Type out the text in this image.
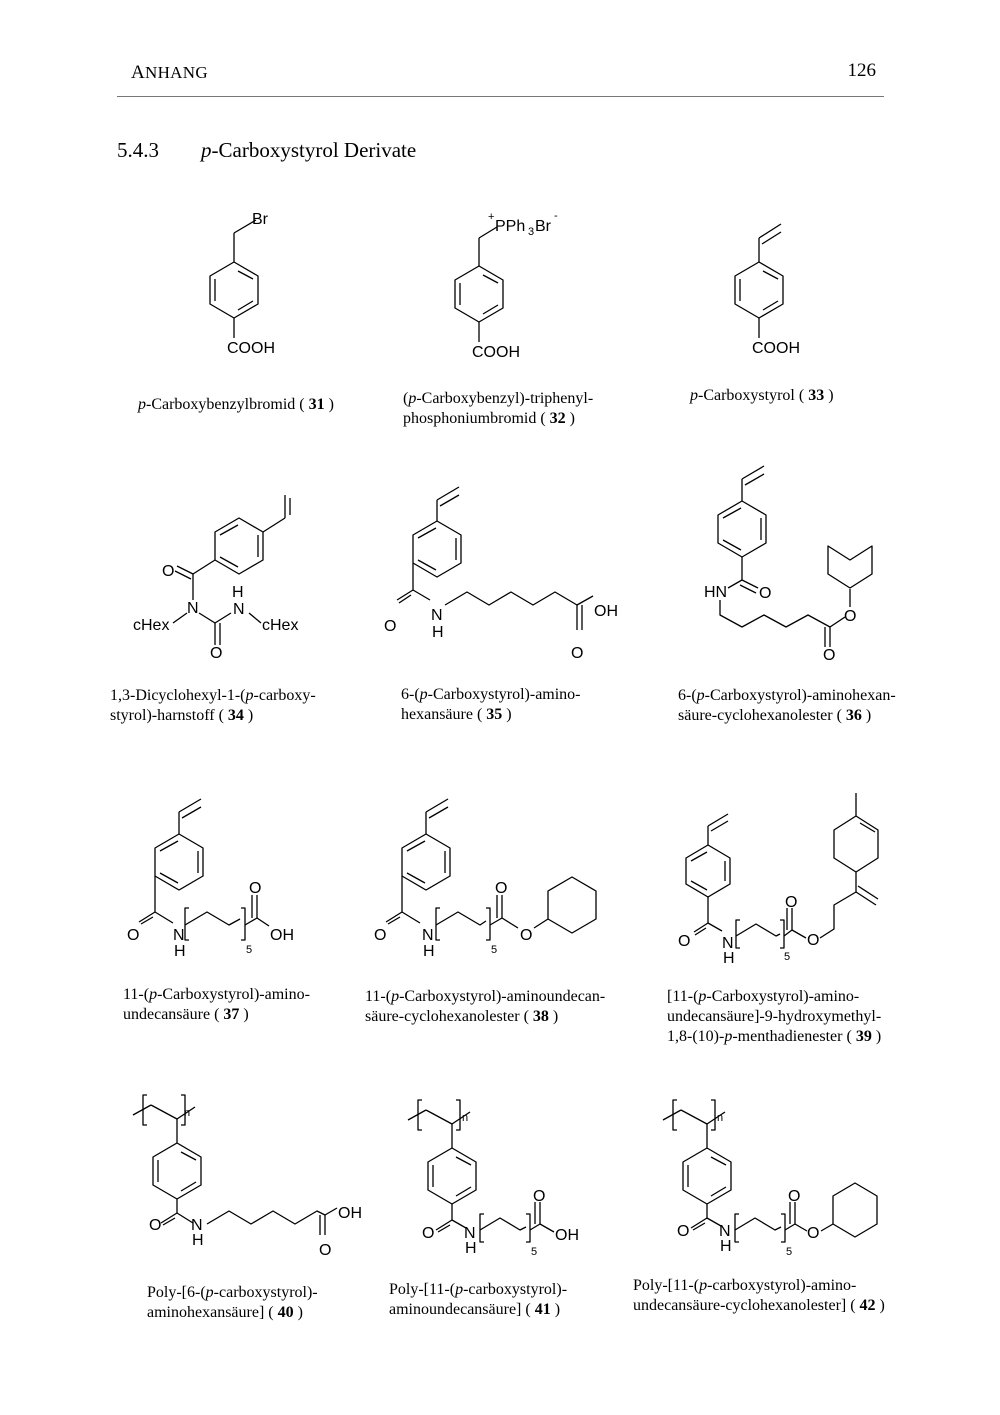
ANHANG	126
5.4.3 p-Carboxystyrol Derivate
Br
COOH
+
PPh 3 Br
-
COOH	COOH
p-Carboxybenzylbromid ( 31 )	(p-Carboxybenzyl)-triphenyl-
phosphoniumbromid ( 32 )
p-Carboxystyrol ( 33 )
O
N
cHex
H
N
cHex
O
O
N
H
OH
O
HN O
O
O
1,3-Dicyclohexyl-1-(p-carboxy-
styrol)-harnstoff ( 34 )
6-(p-Carboxystyrol)-amino-
hexansäure ( 35 )
6-(p-Carboxystyrol)-aminohexan-
säure-cyclohexanolester ( 36 )
O N
H	5
O
OH	O N
H	5
O
O	O N
H	5
O
O
11-(p-Carboxystyrol)-amino-
undecansäure ( 37 )
11-(p-Carboxystyrol)-aminoundecan-
säure-cyclohexanolester ( 38 )
[11-(p-Carboxystyrol)-amino-
undecansäure]-9-hydroxymethyl-
1,8-(10)-p-menthadienester ( 39 )
n
O N
H
OH
O
n
O N
H	5
O
OH
n
O N
H	5
O
O
Poly-[6-(p-carboxystyrol)-
aminohexansäure] ( 40 )
Poly-[11-(p-carboxystyrol)-
aminoundecansäure] ( 41 )
Poly-[11-(p-carboxystyrol)-amino-
undecansäure-cyclohexanolester] ( 42 )
